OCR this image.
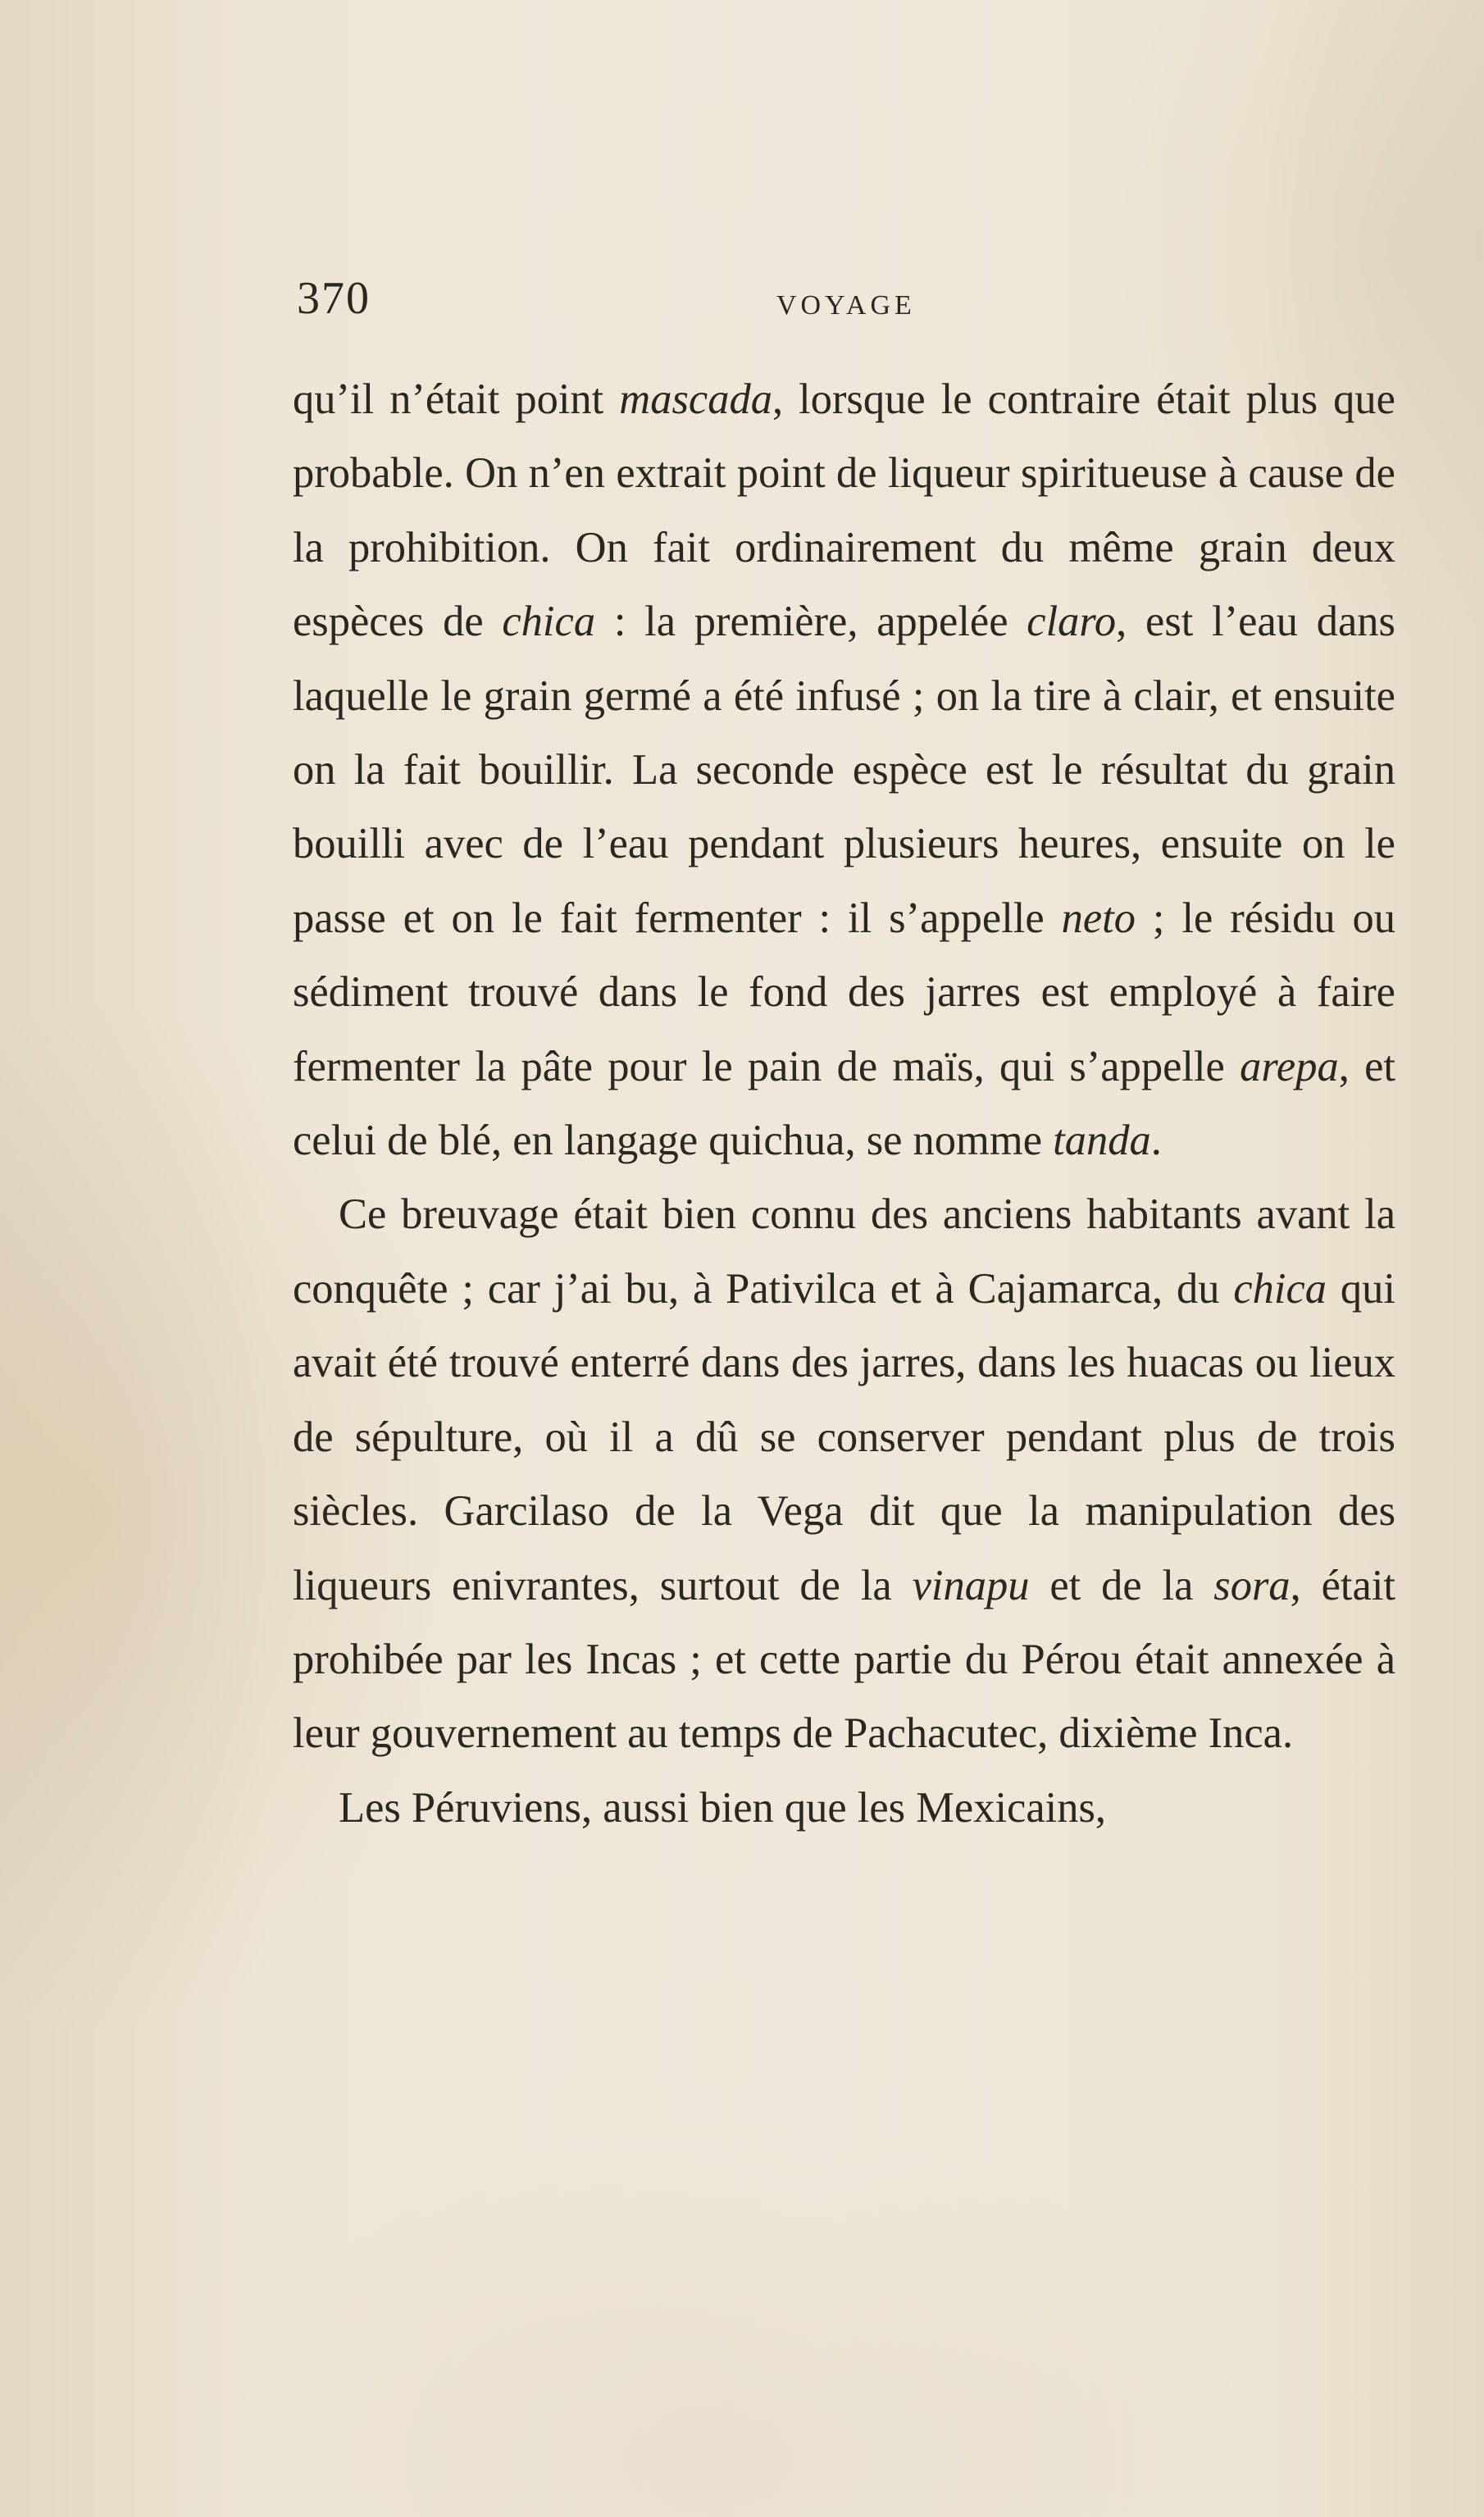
370	VOYAGE

qu’il n’était point mascada, lorsque le contraire était plus que probable. On n’en extrait point de liqueur spiritueuse à cause de la prohibition. On fait ordinairement du même grain deux espèces de chica : la première, appelée claro, est l’eau dans laquelle le grain germé a été infusé ; on la tire à clair, et ensuite on la fait bouillir. La seconde espèce est le résultat du grain bouilli avec de l’eau pendant plusieurs heures, ensuite on le passe et on le fait fermenter : il s’appelle neto ; le résidu ou sédiment trouvé dans le fond des jarres est employé à faire fermenter la pâte pour le pain de maïs, qui s’appelle arepa, et celui de blé, en langage quichua, se nomme tanda.

Ce breuvage était bien connu des anciens habitants avant la conquête ; car j’ai bu, à Pativilca et à Cajamarca, du chica qui avait été trouvé enterré dans des jarres, dans les huacas ou lieux de sépulture, où il a dû se conserver pendant plus de trois siècles. Garcilaso de la Vega dit que la manipulation des liqueurs enivrantes, surtout de la vinapu et de la sora, était prohibée par les Incas ; et cette partie du Pérou était annexée à leur gouvernement au temps de Pachacutec, dixième Inca.

Les Péruviens, aussi bien que les Mexicains,
